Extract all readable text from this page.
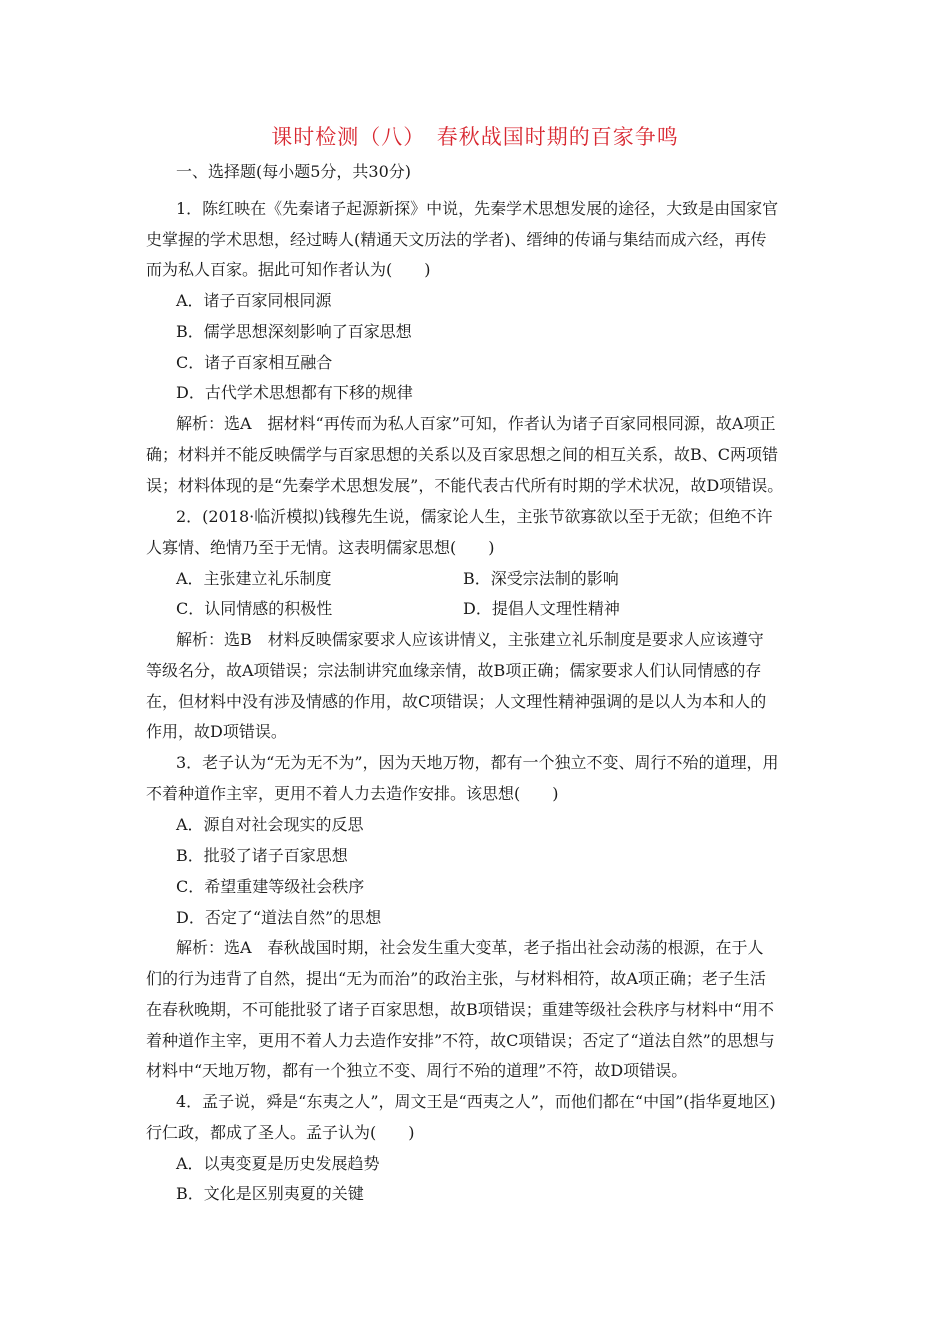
课时检测（八）　春秋战国时期的百家争鸣
一、选择题(每小题5分，共30分)
1．陈红映在《先秦诸子起源新探》中说，先秦学术思想发展的途径，大致是由国家官
史掌握的学术思想，经过畴人(精通天文历法的学者)、缙绅的传诵与集结而成六经，再传
而为私人百家。据此可知作者认为(　　)
A．诸子百家同根同源
B．儒学思想深刻影响了百家思想
C．诸子百家相互融合
D．古代学术思想都有下移的规律
解析：选A　据材料“再传而为私人百家”可知，作者认为诸子百家同根同源，故A项正
确；材料并不能反映儒学与百家思想的关系以及百家思想之间的相互关系，故B、C两项错
误；材料体现的是“先秦学术思想发展”，不能代表古代所有时期的学术状况，故D项错误。
2．(2018·临沂模拟)钱穆先生说，儒家论人生，主张节欲寡欲以至于无欲；但绝不许
人寡情、绝情乃至于无情。这表明儒家思想(　　)
A．主张建立礼乐制度	B．深受宗法制的影响
C．认同情感的积极性	D．提倡人文理性精神
解析：选B　材料反映儒家要求人应该讲情义，主张建立礼乐制度是要求人应该遵守
等级名分，故A项错误；宗法制讲究血缘亲情，故B项正确；儒家要求人们认同情感的存
在，但材料中没有涉及情感的作用，故C项错误；人文理性精神强调的是以人为本和人的
作用，故D项错误。
3．老子认为“无为无不为”，因为天地万物，都有一个独立不变、周行不殆的道理，用
不着种道作主宰，更用不着人力去造作安排。该思想(　　)
A．源自对社会现实的反思
B．批驳了诸子百家思想
C．希望重建等级社会秩序
D．否定了“道法自然”的思想
解析：选A　春秋战国时期，社会发生重大变革，老子指出社会动荡的根源，在于人
们的行为违背了自然，提出“无为而治”的政治主张，与材料相符，故A项正确；老子生活
在春秋晚期，不可能批驳了诸子百家思想，故B项错误；重建等级社会秩序与材料中“用不
着种道作主宰，更用不着人力去造作安排”不符，故C项错误；否定了“道法自然”的思想与
材料中“天地万物，都有一个独立不变、周行不殆的道理”不符，故D项错误。
4．孟子说，舜是“东夷之人”，周文王是“西夷之人”，而他们都在“中国”(指华夏地区)
行仁政，都成了圣人。孟子认为(　　)
A．以夷变夏是历史发展趋势
B．文化是区别夷夏的关键
